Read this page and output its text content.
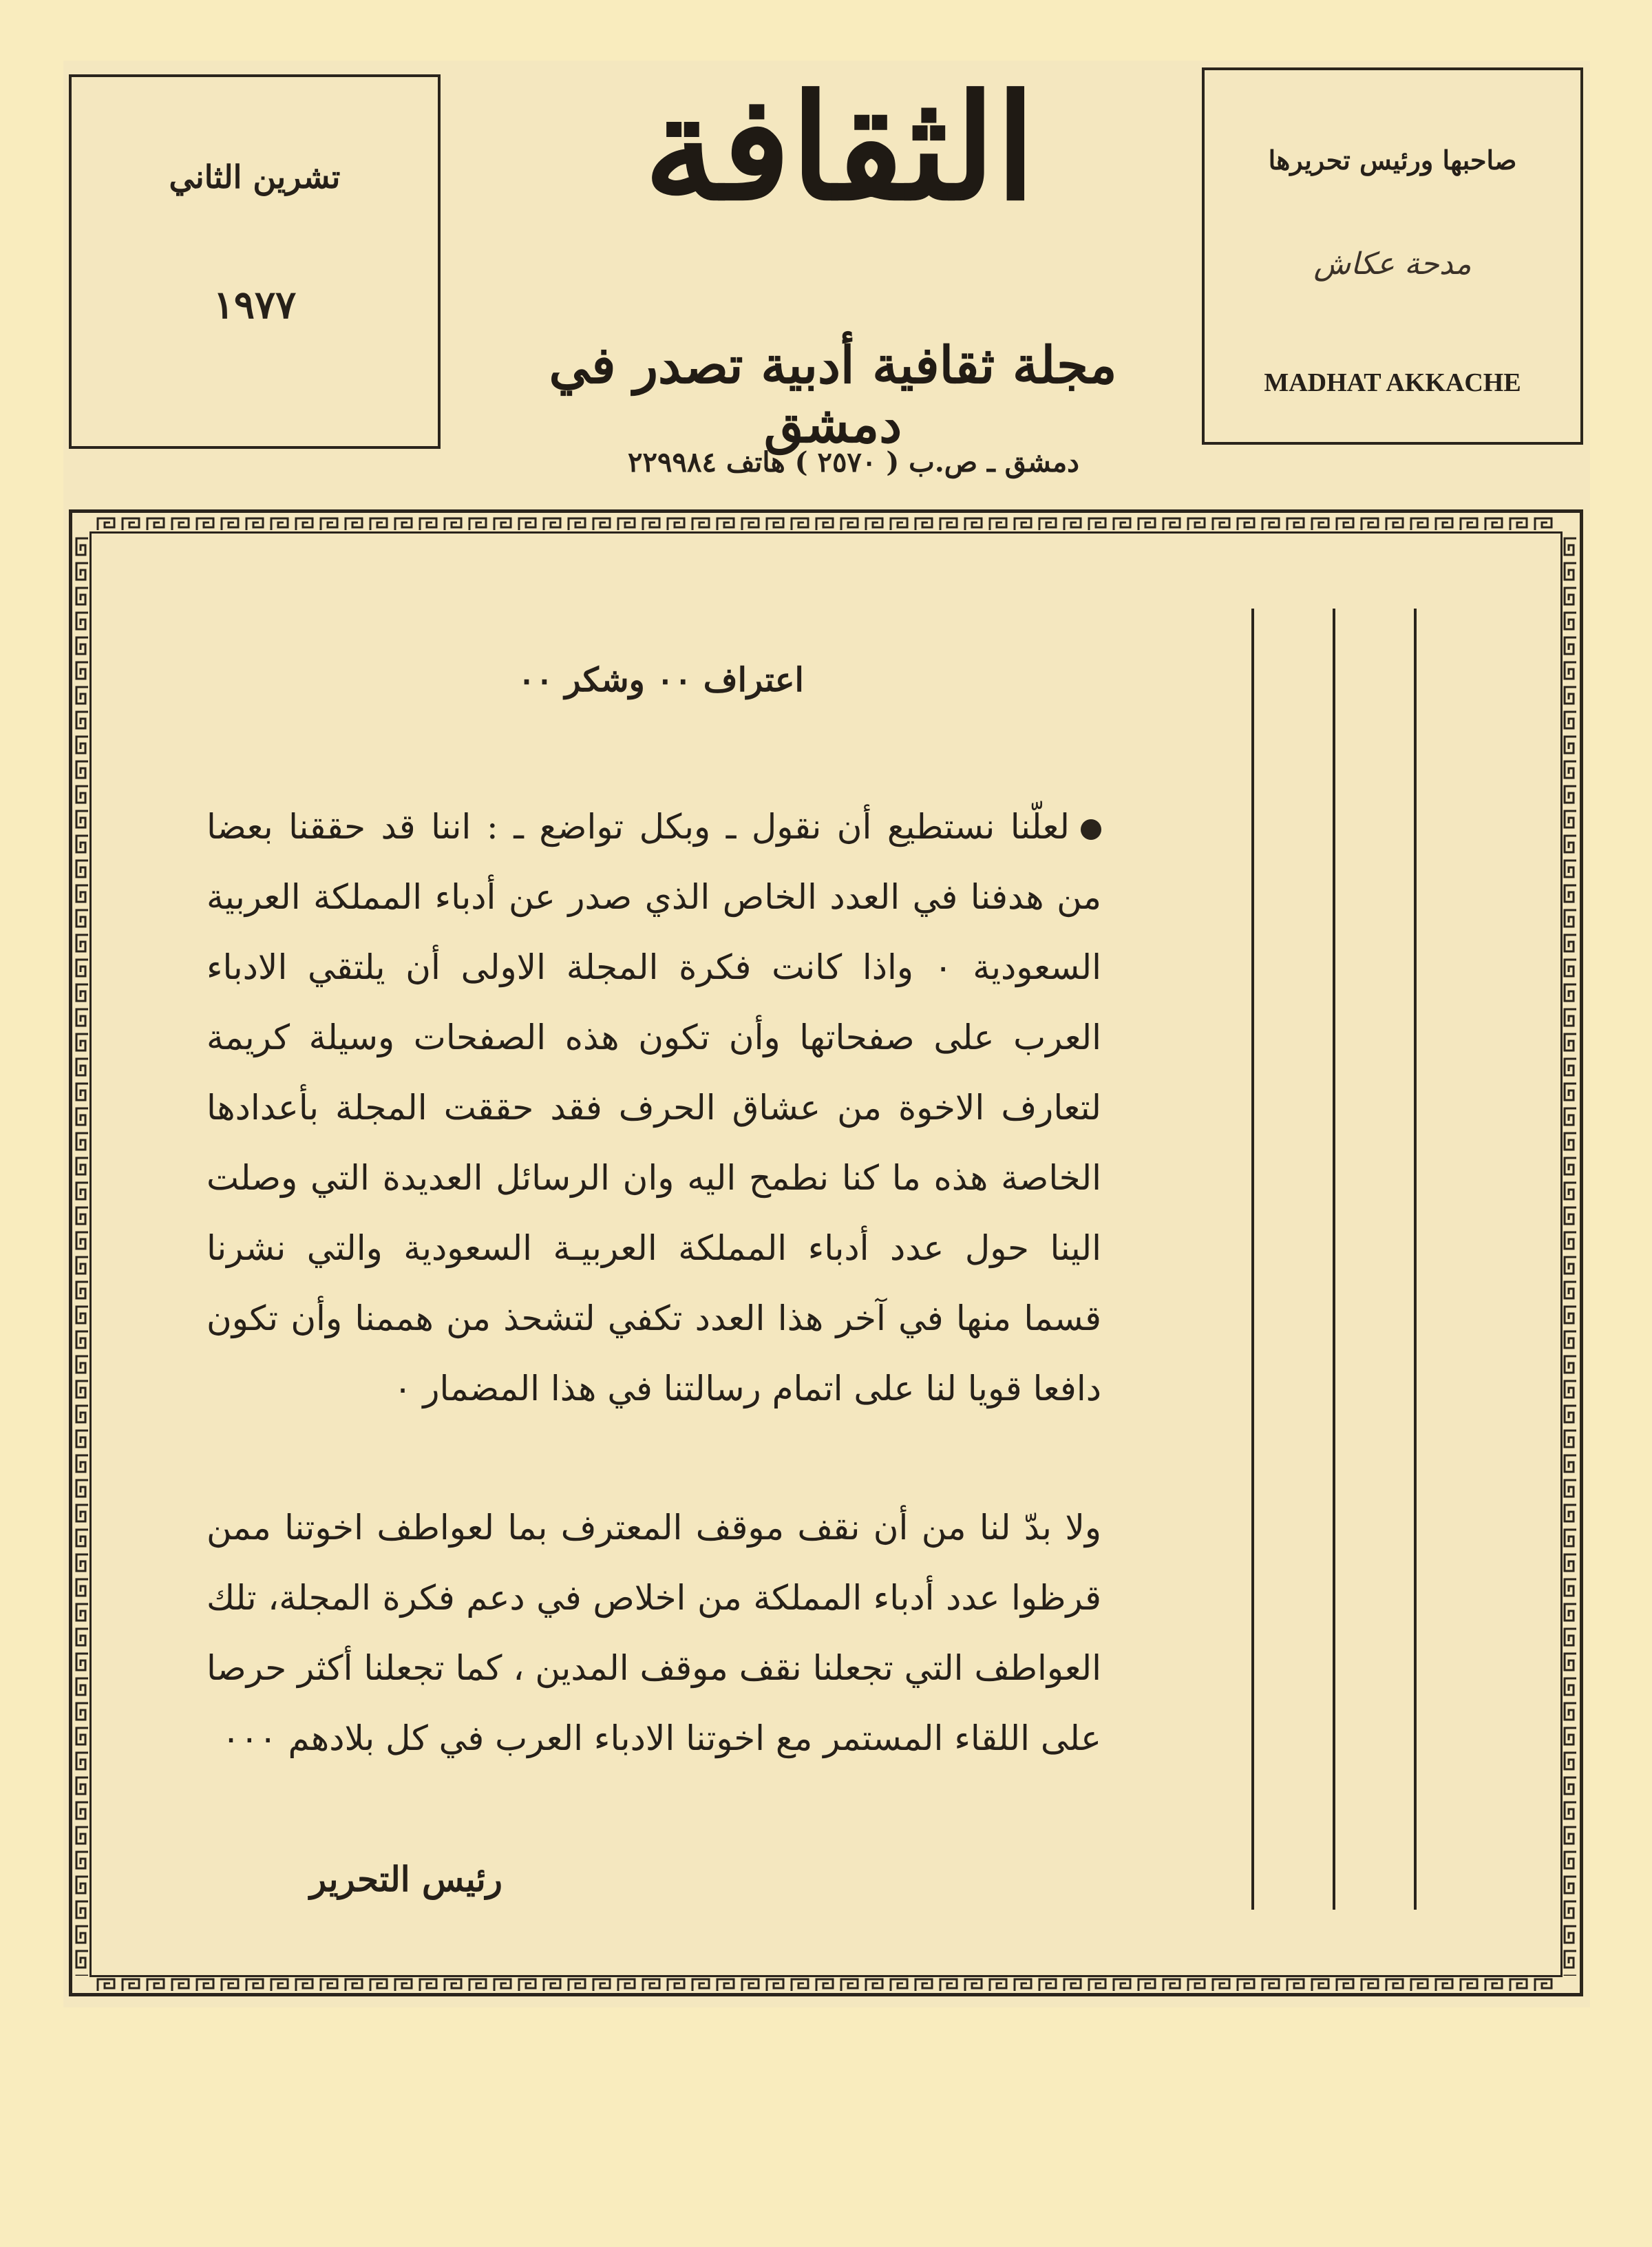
تشرين الثاني
١٩٧٧
الثقافة
مجلة ثقافية أدبية تصدر في دمشق
دمشق ـ ص.ب ( ٢٥٧٠ ) هاتف ٢٢٩٩٨٤
صاحبها ورئيس تحريرها
مدحة عكاش
MADHAT AKKACHE
اعتراف ٠٠ وشكر ٠٠
لعلّنا نستطيع أن نقول ـ وبكل تواضع ـ : اننا قد حققنا بعضا من هدفنا في العدد الخاص الذي صدر عن أدباء المملكة العربية السعودية ٠ واذا كانت فكرة المجلة الاولى أن يلتقي الادباء العرب على صفحاتها وأن تكون هذه الصفحات وسيلة كريمة لتعارف الاخوة من عشاق الحرف فقد حققت المجلة بأعدادها الخاصة هذه ما كنا نطمح اليه وان الرسائل العديدة التي وصلت الينا حول عدد أدباء المملكة العربيـة السعودية والتي نشرنا قسما منها في آخر هذا العدد تكفي لتشحذ من هممنا وأن تكون دافعا قويا لنا على اتمام رسالتنا في هذا المضمار ٠
ولا بدّ لنا من أن نقف موقف المعترف بما لعواطف اخوتنا ممن قرظوا عدد أدباء المملكة من اخلاص في دعم فكرة المجلة، تلك العواطف التي تجعلنا نقف موقف المدين ، كما تجعلنا أكثر حرصا على اللقاء المستمر مع اخوتنا الادباء العرب في كل بلادهم ٠٠٠
رئيس التحرير
